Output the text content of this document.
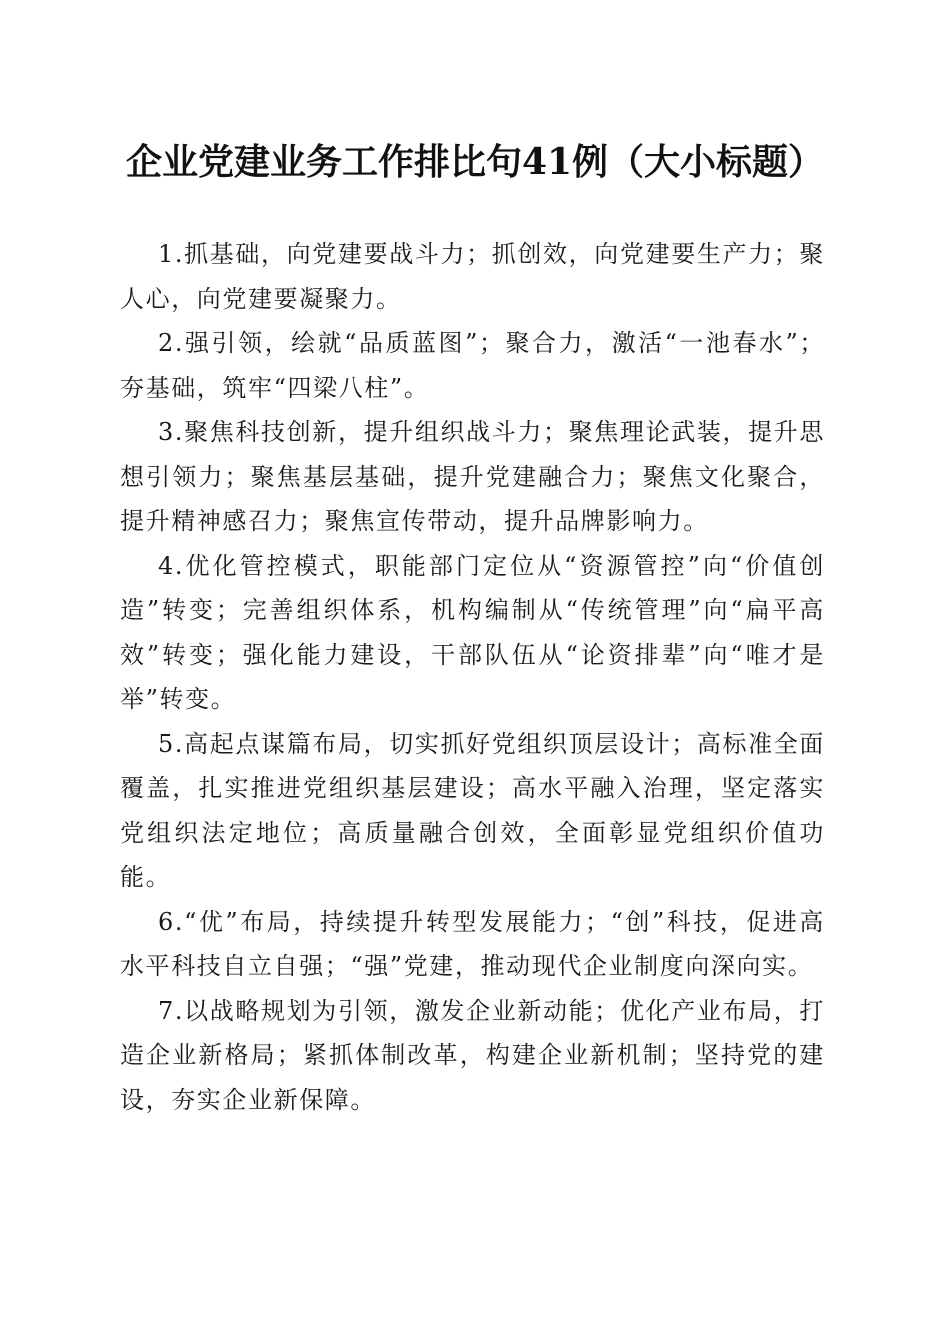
企业党建业务工作排比句41例（大小标题）

1.抓基础，向党建要战斗力；抓创效，向党建要生产力；聚人心，向党建要凝聚力。

2.强引领，绘就“品质蓝图”；聚合力，激活“一池春水”；夯基础，筑牢“四梁八柱”。

3.聚焦科技创新，提升组织战斗力；聚焦理论武装，提升思想引领力；聚焦基层基础，提升党建融合力；聚焦文化聚合，提升精神感召力；聚焦宣传带动，提升品牌影响力。

4.优化管控模式，职能部门定位从“资源管控”向“价值创造”转变；完善组织体系，机构编制从“传统管理”向“扁平高效”转变；强化能力建设，干部队伍从“论资排辈”向“唯才是举”转变。

5.高起点谋篇布局，切实抓好党组织顶层设计；高标准全面覆盖，扎实推进党组织基层建设；高水平融入治理，坚定落实党组织法定地位；高质量融合创效，全面彰显党组织价值功能。

6.“优”布局，持续提升转型发展能力；“创”科技，促进高水平科技自立自强；“强”党建，推动现代企业制度向深向实。

7.以战略规划为引领，激发企业新动能；优化产业布局，打造企业新格局；紧抓体制改革，构建企业新机制；坚持党的建设，夯实企业新保障。
